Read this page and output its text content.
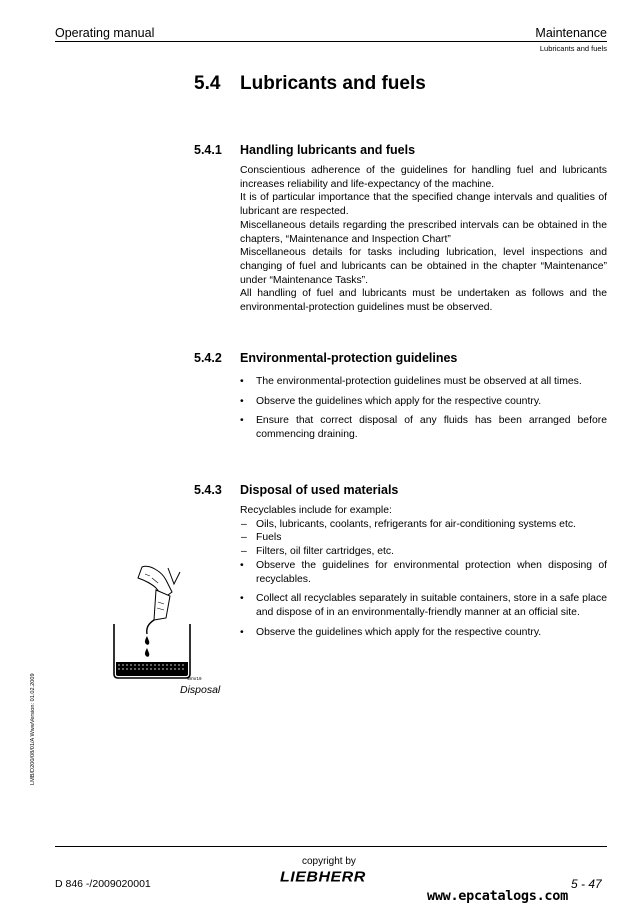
Operating manual	Maintenance
Lubricants and fuels
5.4 Lubricants and fuels
5.4.1 Handling lubricants and fuels

Conscientious adherence of the guidelines for handling fuel and lubricants increases reliability and life-expectancy of the machine.

It is of particular importance that the specified change intervals and qualities of lubricant are respected.

Miscellaneous details regarding the prescribed intervals can be obtained in the chapters, “Maintenance and Inspection Chart”

Miscellaneous details for tasks including lubrication, level inspections and changing of fuel and lubricants can be obtained in the chapter “Maintenance” under “Maintenance Tasks”.

All handling of fuel and lubricants must be undertaken as follows and the environmental-protection guidelines must be observed.

5.4.2 Environmental-protection guidelines
• The environmental-protection guidelines must be observed at all times.
• Observe the guidelines which apply for the respective country.
• Ensure that correct disposal of any fluids has been arranged before commencing draining.
5.4.3 Disposal of used materials

Recyclables include for example:

– Oils, lubricants, coolants, refrigerants for air-conditioning systems etc.
– Fuels
– Filters, oil filter cartridges, etc.
• Observe the guidelines for environmental protection when disposing of recyclables.
• Collect all recyclables separately in suitable containers, store in a safe place and dispose of in an environmentally-friendly manner at an official site.
• Observe the guidelines which apply for the respective country.
Wmr19
Disposal
LMB/D200/08/01/A WwwVersion: 01.02.2009
copyright by
D 846 -/2009020001	LIEBHERR	5 - 47
www.epcatalogs.com
